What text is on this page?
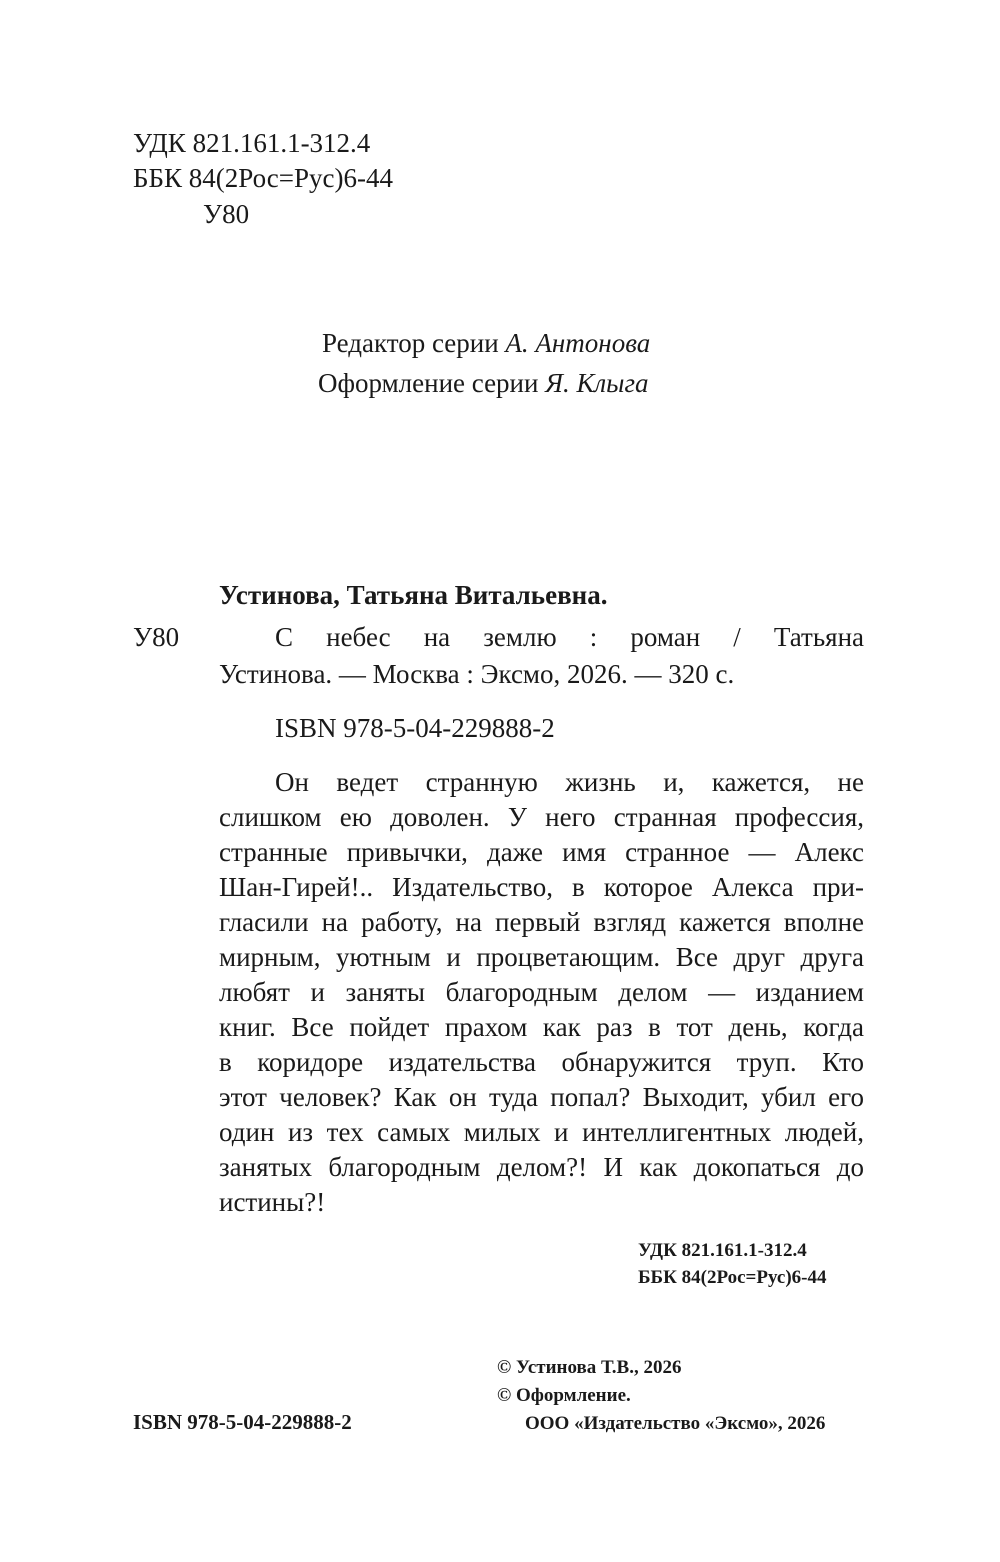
УДК 821.161.1-312.4
ББК 84(2Рос=Рус)6-44
У80
Редактор серии А. Антонова
Оформление серии Я. Клыга
Устинова, Татьяна Витальевна.
У80	С небес на землю : роман / Татьяна
Устинова. — Москва : Эксмо, 2026. — 320 с.
ISBN 978-5-04-229888-2
Он ведет странную жизнь и, кажется, не
слишком ею доволен. У него странная профессия,
странные привычки, даже имя странное — Алекс
Шан-Гирей!.. Издательство, в которое Алекса при-
гласили на работу, на первый взгляд кажется вполне
мирным, уютным и процветающим. Все друг друга
любят и заняты благородным делом — изданием
книг. Все пойдет прахом как раз в тот день, когда
в коридоре издательства обнаружится труп. Кто
этот человек? Как он туда попал? Выходит, убил его
один из тех самых милых и интеллигентных людей,
занятых благородным делом?! И как докопаться до
истины?!
УДК 821.161.1-312.4
ББК 84(2Рос=Рус)6-44
© Устинова Т.В., 2026
© Оформление.
ООО «Издательство «Эксмо», 2026
ISBN 978-5-04-229888-2
